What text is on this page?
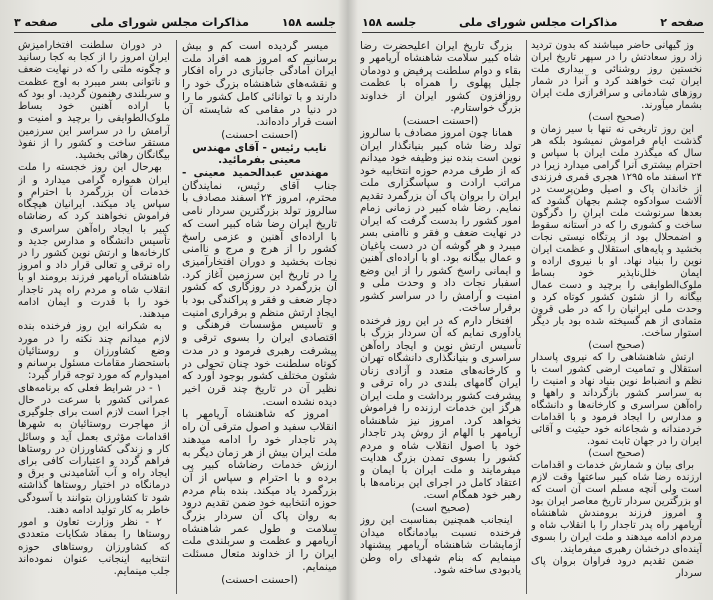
صفحه ۲
مذاکرات مجلس شورای ملی
جلسه ۱۵۸

وز گیهانی حاضر میباشند که بدون تردید زاد روز سعادتش را در سپهر تاریخ ایران نخستین روز روشنائی و بیداری ملت ایران ثبت خواهند کرد و آنرا در شمار روزهای شادمانی و سرافرازی ملت ایران بشمار میآورند.

(صحیح است)

این روز تاریخی نه تنها با سیر زمان و گذشت ایام فراموش نمیشود بلکه هر سال که میگذرد ملت ایران با سپاس و احترام بیشتری آنرا گرامی میدارد زیرا در ۲۴ اسفند ماه ۱۲۹۵ هجری قمری فرزندی از خاندان پاک و اصیل وطن‌پرست در آلاشت سوادکوه چشم بجهان گشود که بعدها سرنوشت ملت ایران را دگرگون ساخت و کشوری را که در آستانه سقوط و اضمحلال بود از پرتگاه نیستی نجات بخشید و پایه‌های استقلال و عظمت ایران نوین را بنیاد نهاد. او با نیروی اراده و ایمان خلل‌ناپذیر خود بساط ملوک‌الطوایفی را برچید و دست عمال بیگانه را از شئون کشور کوتاه کرد و وحدت ملی ایرانیان را که در طی قرون متمادی از هم گسیخته شده بود بار دیگر استوار ساخت.

(صحیح است)

ارتش شاهنشاهی را که نیروی پاسدار استقلال و تمامیت ارضی کشور است با نظم و انضباط نوین بنیاد نهاد و امنیت را به سراسر کشور بازگرداند و راهها و راه‌آهن سراسری و کارخانه‌ها و دانشگاه و مدارس را ایجاد فرمود و با اقدامات خردمندانه و شجاعانه خود حیثیت و آقائی ایران را در جهان ثابت نمود.

(صحیح است)

برای بیان و شمارش خدمات و اقدامات ارزنده رضا شاه کبیر ساعتها وقت لازم است ولی آنچه مسلم است آن است که او بزرگترین سردار تاریخ معاصر ایران بود و امروز فرزند برومندش شاهنشاه آریامهر راه پدر تاجدار را با انقلاب شاه و مردم ادامه میدهند و ملت ایران را بسوی آینده‌ای درخشان رهبری میفرمایند.

ضمن تقدیم درود فراوان بروان پاک سردار

بزرگ تاریخ ایران اعلیحضرت رضا شاه کبیر سلامت شاهنشاه آریامهر و بقاء و دوام سلطنت پرفیض و دودمان جلیل پهلوی را همراه با عظمت روزافزون کشور ایران از خداوند بزرگ خواستارم.

(احسنت احسنت)

همانا چون امروز مصادف با سالروز تولد رضا شاه کبیر بنیانگذار ایران نوین است بنده نیز وظیفه خود میدانم که از طرف مردم حوزه انتخابیه خود مراتب ارادت و سپاسگزاری ملت ایران را بروان پاک آن بزرگمرد تقدیم نمایم. رضا شاه کبیر در زمانی زمام امور کشور را بدست گرفت که ایران در نهایت ضعف و فقر و ناامنی بسر میبرد و هر گوشه آن در دست یاغیان و عمال بیگانه بود. او با اراده‌ای آهنین و ایمانی راسخ کشور را از این وضع اسفبار نجات داد و وحدت ملی و امنیت و آرامش را در سراسر کشور برقرار ساخت.

افتخار دارم که در این روز فرخنده یادآوری نمایم که آن سردار بزرگ با تأسیس ارتش نوین و ایجاد راه‌آهن سراسری و بنیانگذاری دانشگاه تهران و کارخانه‌های متعدد و آزادی زنان ایران گامهای بلندی در راه ترقی و پیشرفت کشور برداشت و ملت ایران هرگز این خدمات ارزنده را فراموش نخواهد کرد. امروز نیز شاهنشاه آریامهر با الهام از روش پدر تاجدار خود با اصول انقلاب شاه و مردم کشور را بسوی تمدن بزرگ هدایت میفرمایند و ملت ایران با ایمان و اعتقاد کامل در اجرای این برنامه‌ها با رهبر خود همگام است.

(صحیح است)

اینجانب همچنین بمناسبت این روز فرخنده نسبت بیادمانگاه میدان آزمایشات شاهنشاه آریامهر پیشنهاد مینمایم که بنام شهدای راه وطن یادبودی ساخته شود.

جلسه ۱۵۸
مذاکرات مجلس شورای ملی
صفحه ۳

میسر گردیده است کم و بیش برسانیم که امروز همه افراد ملت ایران آمادگی جانبازی در راه افکار و نقشه‌های شاهنشاه بزرگ خود را دارند و با توانائی کامل کشور ما را در دنیا در مقامی که شایسته آن است قرار داده‌اند.

(احسنت احسنت)

نایب رئیس - آقای مهندس معینی بفرمائید.

مهندس عبدالحمید معینی - جناب آقای رئیس، نمایندگان محترم، امروز ۲۴ اسفند مصادف با سالروز تولد بزرگترین سردار نامی تاریخ ایران رضا شاه کبیر است که با اراده‌ای آهنین و عزمی راسخ کشور را از هرج و مرج و ناامنی نجات بخشید و دوران افتخارآمیزی را در تاریخ این سرزمین آغاز کرد. آن بزرگمرد در روزگاری که کشور دچار ضعف و فقر و پراکندگی بود با ایجاد ارتش منظم و برقراری امنیت و تأسیس مؤسسات فرهنگی و اقتصادی ایران را بسوی ترقی و پیشرفت رهبری فرمود و در مدت کوتاه سلطنت خود چنان تحولی در شئون مختلف کشور بوجود آورد که نظیر آن در تاریخ چند قرن اخیر دیده نشده است.

امروز که شاهنشاه آریامهر با انقلاب سفید و اصول مترقی آن راه پدر تاجدار خود را ادامه میدهند ملت ایران بیش از هر زمان دیگر به ارزش خدمات رضاشاه کبیر پی برده و با احترام و سپاس از آن بزرگمرد یاد میکند. بنده بنام مردم حوزه انتخابیه خود ضمن تقدیم درود به روان پاک آن سردار بزرگ سلامت و طول عمر شاهنشاه آریامهر و عظمت و سربلندی ملت ایران را از خداوند متعال مسئلت مینمایم.

(احسنت احسنت)

در دوران سلطنت افتخارآمیزش ایران امروز را از کجا به کجا رسانید و چگونه ملتی را که در نهایت ضعف و ناتوانی بسر میبرد به اوج عظمت و سربلندی رهنمون گردید. او بود که با اراده آهنین خود بساط ملوک‌الطوایفی را برچید و امنیت و آرامش را در سراسر این سرزمین مستقر ساخت و کشور را از نفوذ بیگانگان رهائی بخشید.

بهرحال این روز خجسته را ملت ایران همواره گرامی میدارد و از خدمات آن بزرگمرد با احترام و سپاس یاد میکند. ایرانیان هیچگاه فراموش نخواهند کرد که رضاشاه کبیر با ایجاد راه‌آهن سراسری و تأسیس دانشگاه و مدارس جدید و کارخانه‌ها و ارتش نوین کشور را در راه ترقی و تعالی قرار داد و امروز شاهنشاه آریامهر فرزند برومند او با انقلاب شاه و مردم راه پدر تاجدار خود را با قدرت و ایمان ادامه میدهند.

به شکرانه این روز فرخنده بنده لازم میدانم چند نکته را در مورد وضع کشاورزان و روستائیان باستحضار مقامات مسئول برسانم و امیدوارم که مورد توجه قرار گیرد:

۱ - در شرایط فعلی که برنامه‌های عمرانی کشور با سرعت در حال اجرا است لازم است برای جلوگیری از مهاجرت روستائیان به شهرها اقدامات مؤثری بعمل آید و وسائل کار و زندگی کشاورزان در روستاها فراهم گردد و اعتبارات کافی برای ایجاد راه و آب آشامیدنی و برق و درمانگاه در اختیار روستاها گذاشته شود تا کشاورزان بتوانند با آسودگی خاطر به کار تولید ادامه دهند.

۲ - نظر وزارت تعاون و امور روستاها را بمفاد شکایات متعددی که کشاورزان روستاهای حوزه انتخابیه اینجانب عنوان نموده‌اند جلب مینمایم.
